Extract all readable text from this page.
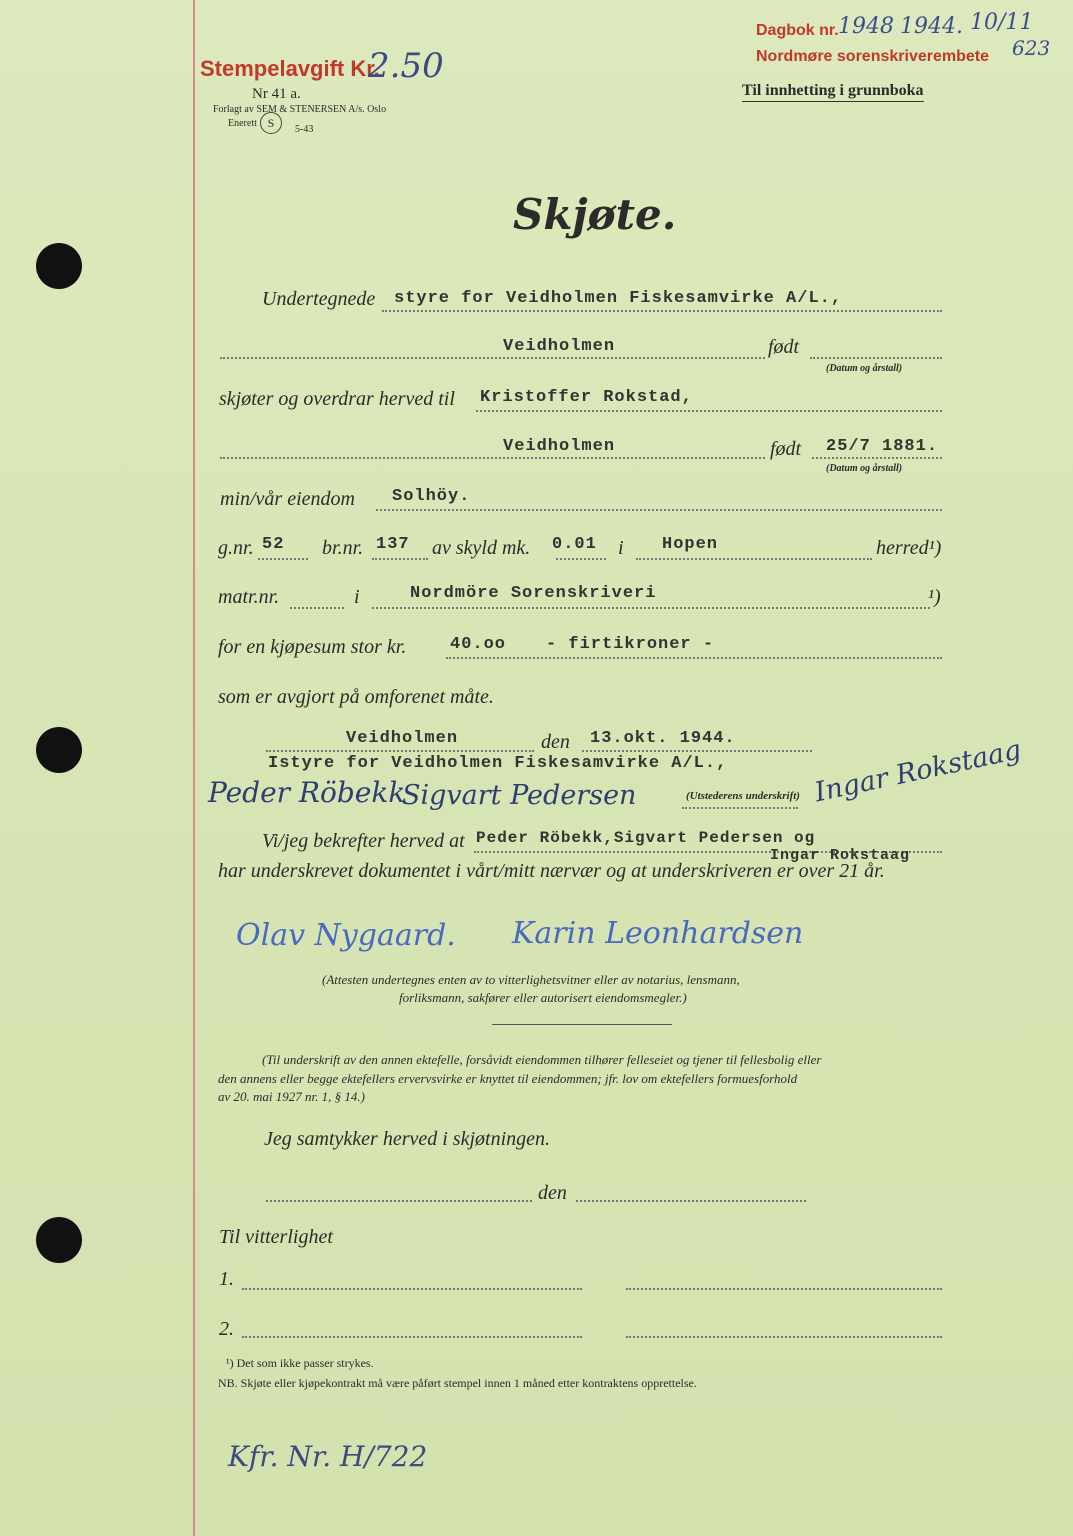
Stempelavgift Kr.
2.50
Nr 41 a.
Forlagt av SEM & STENERSEN A/s. Oslo
Enerett S	5-43
Dagbok nr. 1948 1944. 10/11
623
Nordmøre sorenskriverembete
Til innhetting i grunnboka
Skjøte.
Undertegnede styre for Veidholmen Fiskesamvirke A/L.,
Veidholmen	født
(Datum og årstall)
skjøter og overdrar herved til Kristoffer Rokstad,
Veidholmen	født 25/7 1881.
(Datum og årstall)
min/vår eiendom Solhöy.
g.nr. 52 br.nr. 137 av skyld mk. 0.01 i Hopen	herred¹)
matr.nr.	i	Nordmöre Sorenskriveri	¹)
for en kjøpesum stor kr.	40.oo - firtikroner -
som er avgjort på omforenet måte.
Veidholmen	den 13.okt. 1944.
Istyre for Veidholmen Fiskesamvirke A/L.,
Peder Röbekk
Sigvart Pedersen	(Utstederens underskrift) Ingar Rokstaag
Vi/jeg bekrefter herved at Peder Röbekk,Sigvart Pedersen og
Ingar Rokstaag
har underskrevet dokumentet i vårt/mitt nærvær og at underskriveren er over 21 år.
Olav Nygaard. Karin Leonhardsen
(Attesten undertegnes enten av to vitterlighetsvitner eller av notarius, lensmann,
forliksmann, sakfører eller autorisert eiendomsmegler.)
(Til underskrift av den annen ektefelle, forsåvidt eiendommen tilhører felleseiet og tjener til fellesbolig eller
den annens eller begge ektefellers ervervsvirke er knyttet til eiendommen; jfr. lov om ektefellers formuesforhold
av 20. mai 1927 nr. 1, § 14.)
Jeg samtykker herved i skjøtningen.
den
Til vitterlighet
1.
2.
¹) Det som ikke passer strykes.
NB. Skjøte eller kjøpekontrakt må være påført stempel innen 1 måned etter kontraktens opprettelse.
Kfr. Nr. H/722
